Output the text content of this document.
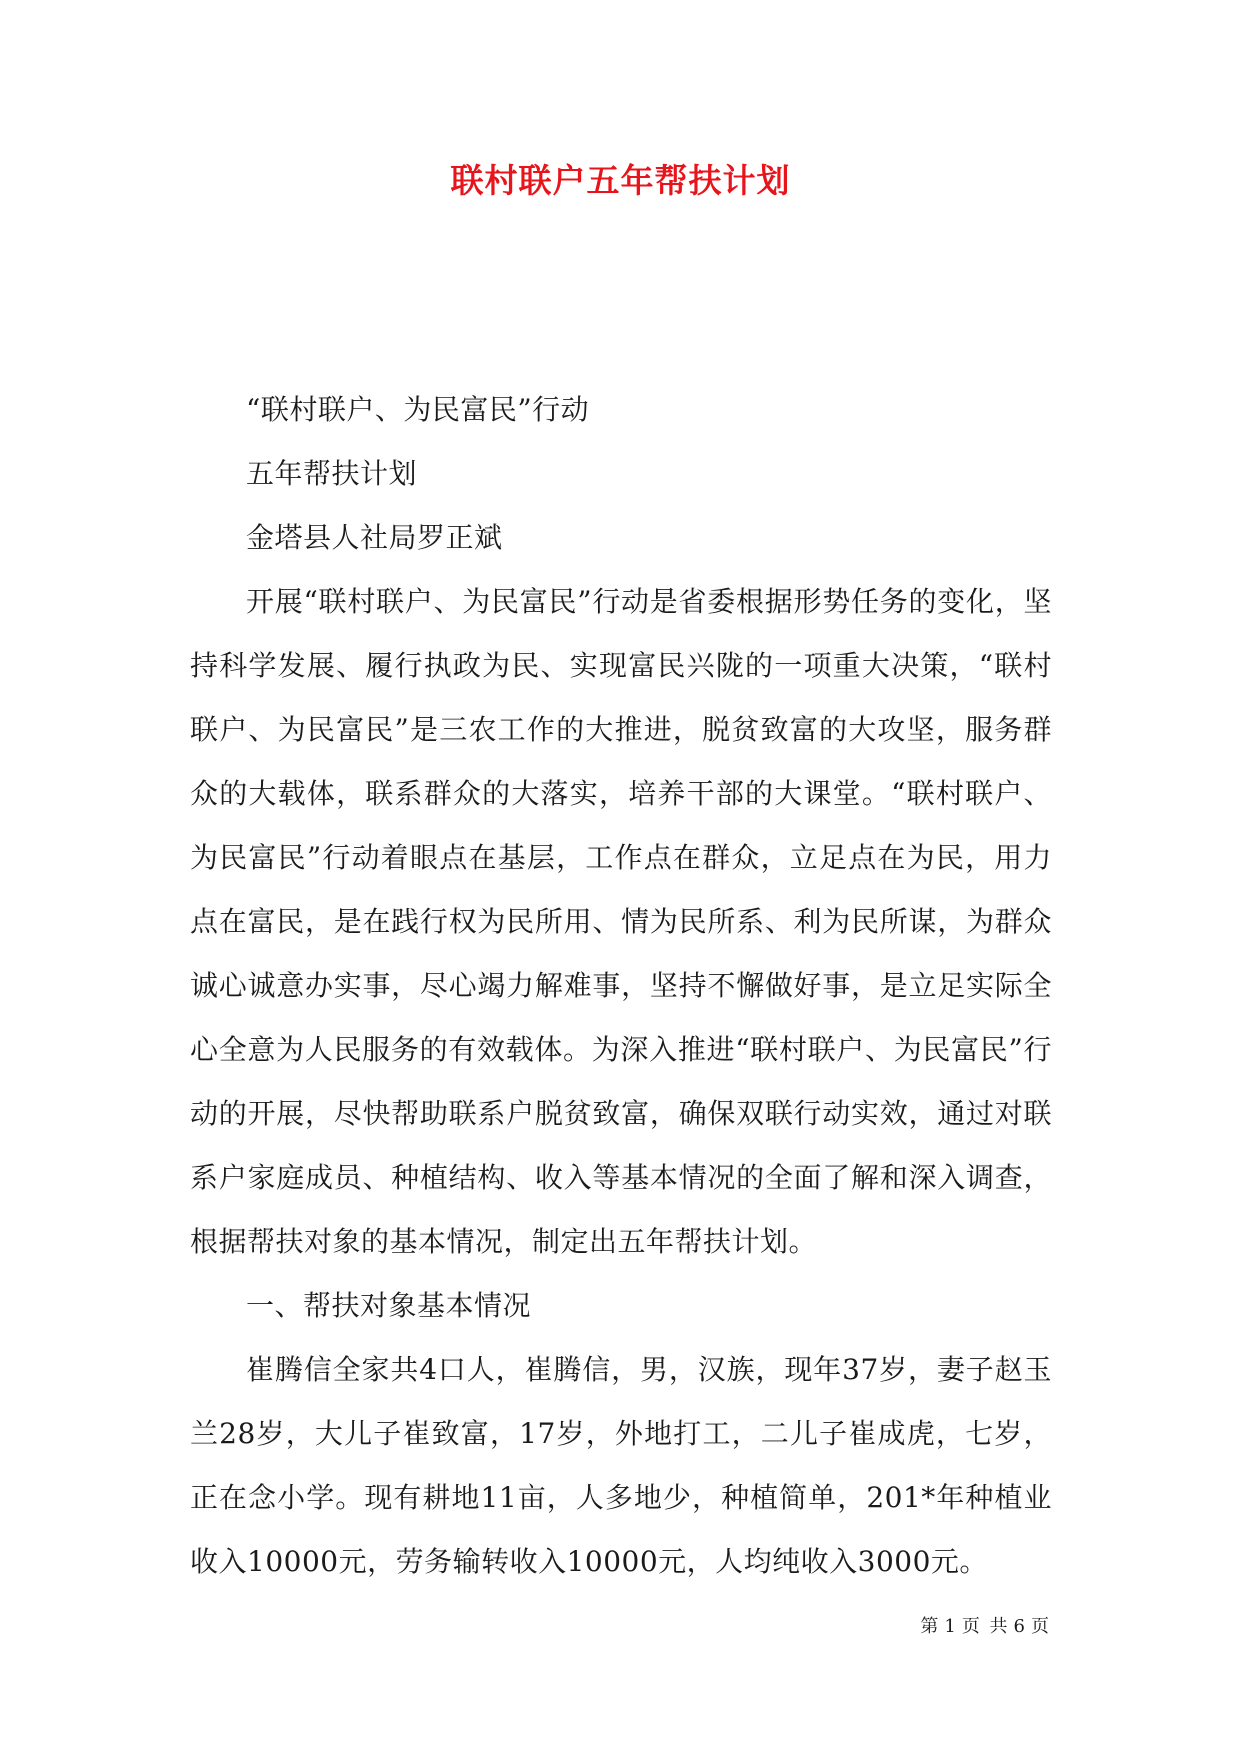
联村联户五年帮扶计划

“联村联户、为民富民”行动

五年帮扶计划

金塔县人社局罗正斌

开展“联村联户、为民富民”行动是省委根据形势任务的变化，坚持科学发展、履行执政为民、实现富民兴陇的一项重大决策，“联村联户、为民富民”是三农工作的大推进，脱贫致富的大攻坚，服务群众的大载体，联系群众的大落实，培养干部的大课堂。“联村联户、为民富民”行动着眼点在基层，工作点在群众，立足点在为民，用力点在富民，是在践行权为民所用、情为民所系、利为民所谋，为群众诚心诚意办实事，尽心竭力解难事，坚持不懈做好事，是立足实际全心全意为人民服务的有效载体。为深入推进“联村联户、为民富民”行动的开展，尽快帮助联系户脱贫致富，确保双联行动实效，通过对联系户家庭成员、种植结构、收入等基本情况的全面了解和深入调查，根据帮扶对象的基本情况，制定出五年帮扶计划。

一、帮扶对象基本情况

崔腾信全家共4口人，崔腾信，男，汉族，现年37岁，妻子赵玉兰28岁，大儿子崔致富，17岁，外地打工，二儿子崔成虎，七岁，正在念小学。现有耕地11亩，人多地少，种植简单，201*年种植业收入10000元，劳务输转收入10000元，人均纯收入3000元。

第 1 页 共 6 页
